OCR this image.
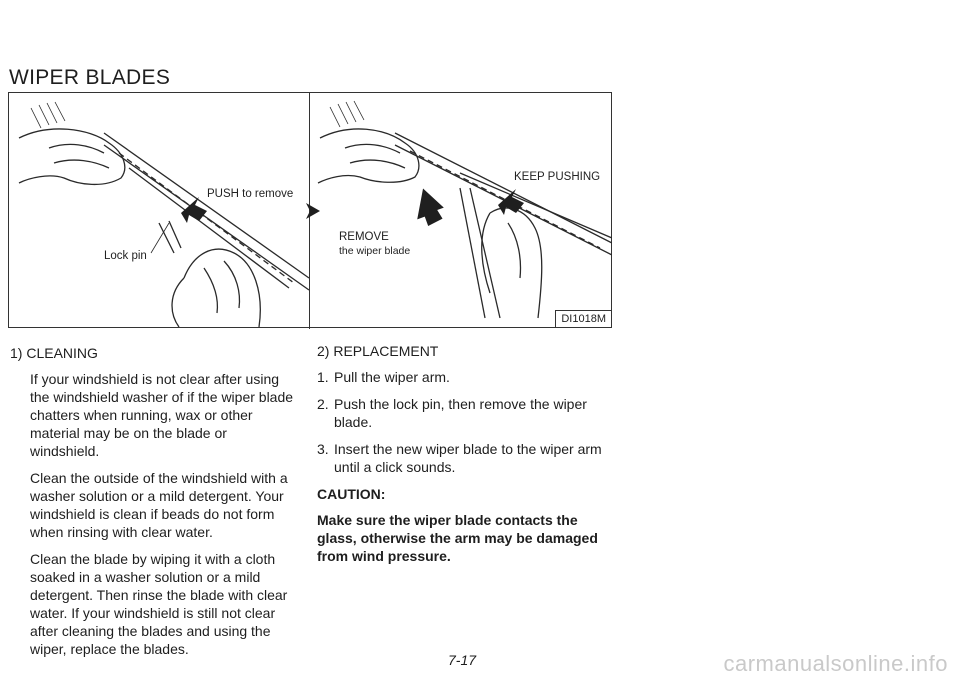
WIPER BLADES
PUSH to remove
Lock pin
KEEP PUSHING
REMOVE
the wiper blade
DI1018M
1) CLEANING

If your windshield is not clear after using the windshield washer of if the wiper blade chatters when running, wax or other material may be on the blade or windshield.

Clean the outside of the windshield with a washer solution or a mild detergent. Your windshield is clean if beads do not form when rinsing with clear water.

Clean the blade by wiping it with a cloth soaked in a washer solution or a mild detergent. Then rinse the blade with clear water. If your windshield is still not clear after cleaning the blades and using the wiper, replace the blades.

2) REPLACEMENT
1. Pull the wiper arm.
2. Push the lock pin, then remove the wiper blade.
3. Insert the new wiper blade to the wiper arm until a click sounds.
CAUTION:
Make sure the wiper blade contacts the glass, otherwise the arm may be damaged from wind pressure.
7-17	carmanualsonline.info
